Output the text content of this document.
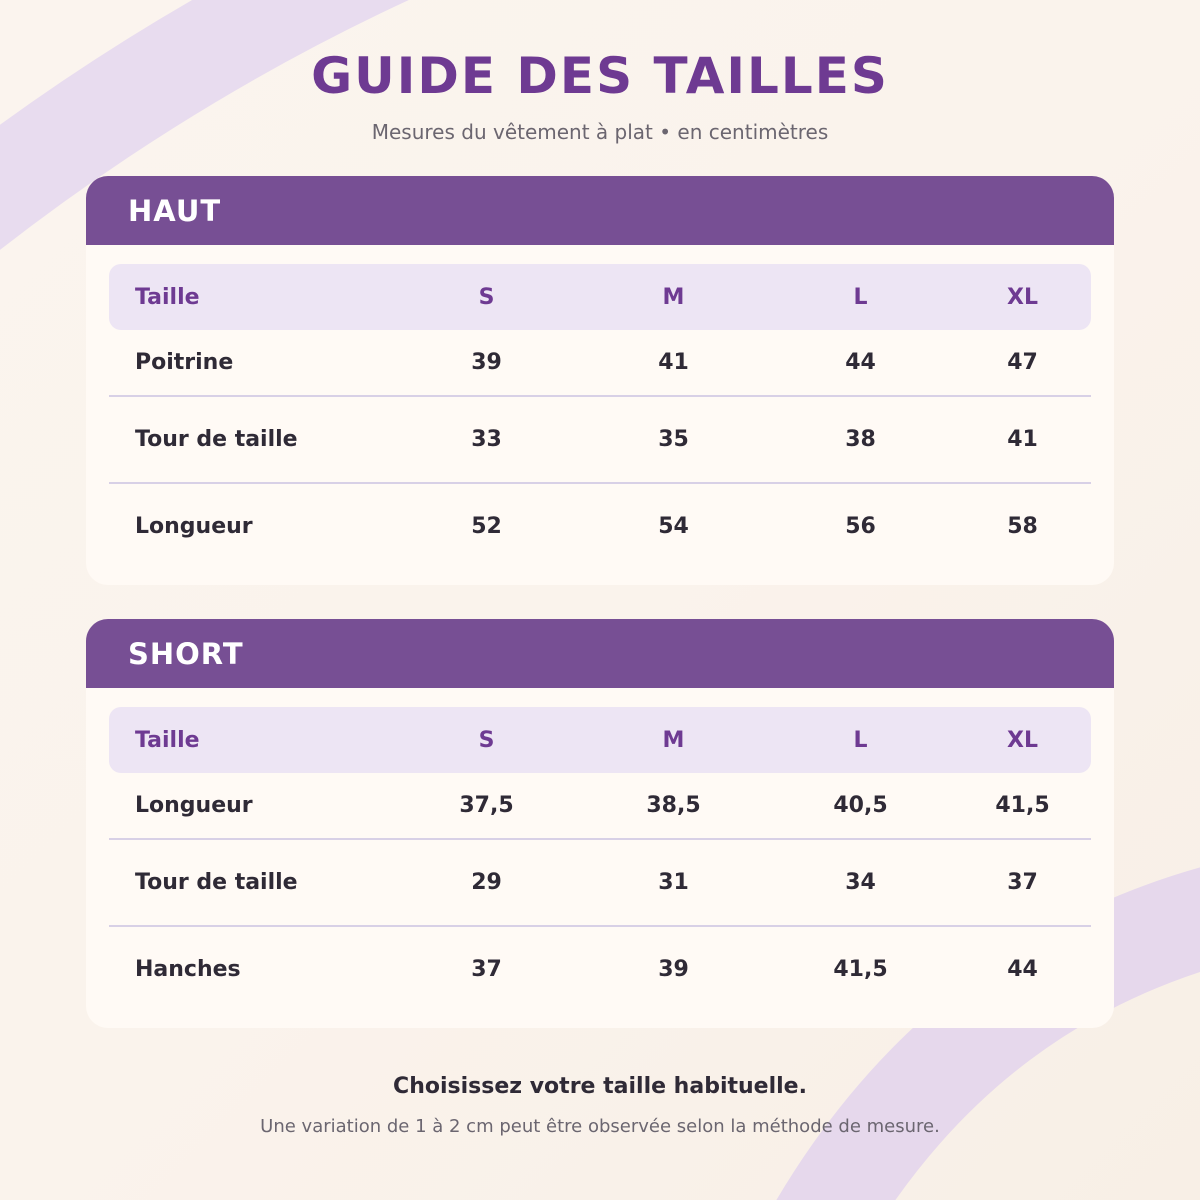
GUIDE DES TAILLES
Mesures du vêtement à plat • en centimètres
HAUT
Taille	S	M	L	XL
Poitrine	39	41	44	47
Tour de taille	33	35	38	41
Longueur	52	54	56	58
SHORT
Taille	S	M	L	XL
Longueur	37,5	38,5	40,5	41,5
Tour de taille	29	31	34	37
Hanches	37	39	41,5	44
Choisissez votre taille habituelle.
Une variation de 1 à 2 cm peut être observée selon la méthode de mesure.
